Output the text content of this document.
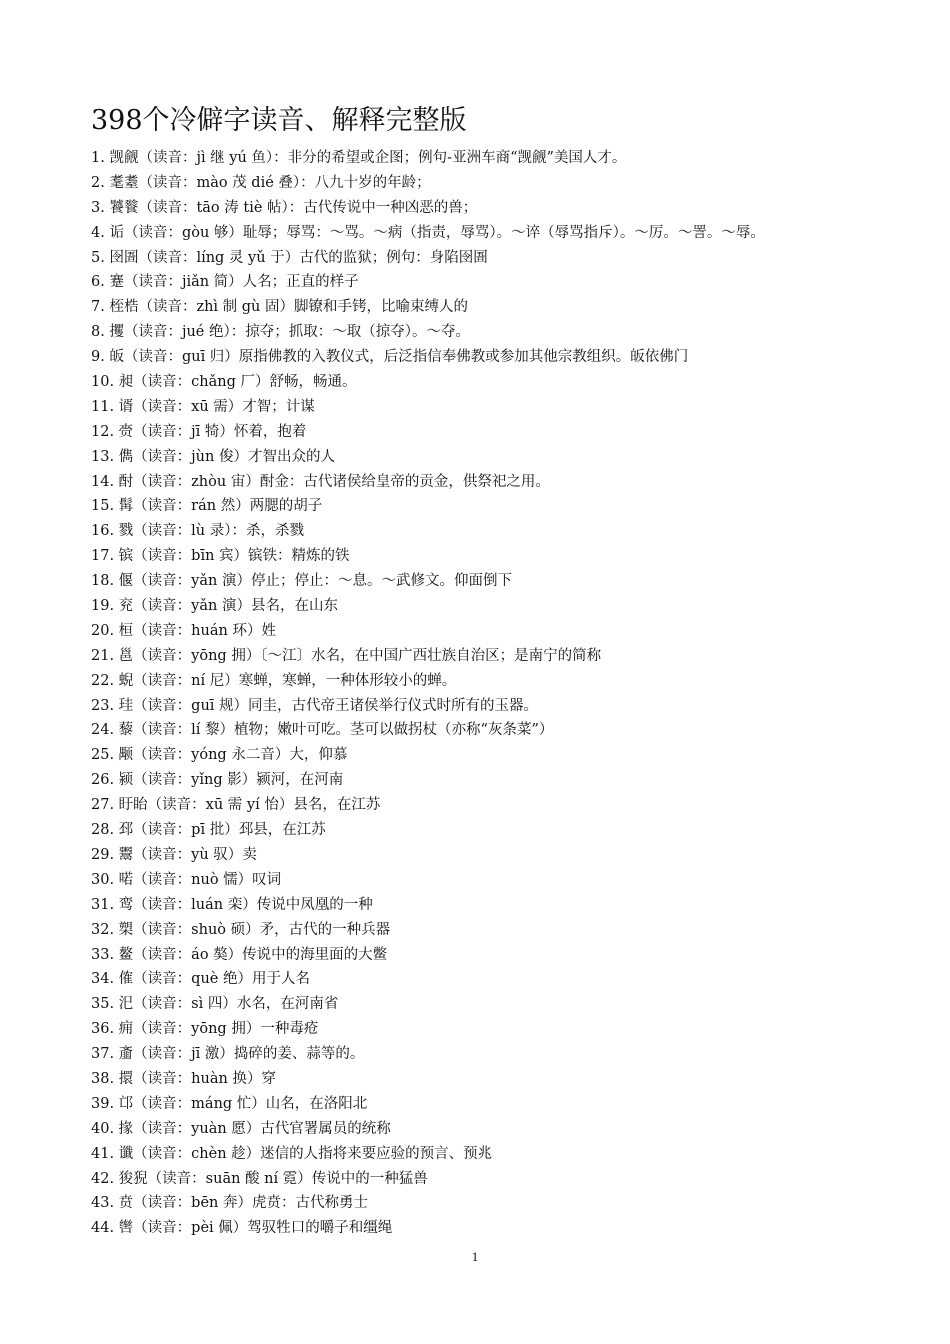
398个冷僻字读音、解释完整版
1. 觊觎（读音：jì 继 yú 鱼）：非分的希望或企图；例句-亚洲车商“觊觎”美国人才。
2. 耄耋（读音：mào 茂 dié 叠）：八九十岁的年龄；
3. 饕餮（读音：tāo 涛 tiè 帖）：古代传说中一种凶恶的兽；
4. 诟（读音：gòu 够）耻辱；辱骂：～骂。～病（指责，辱骂）。～谇（辱骂指斥）。～厉。～詈。～辱。
5. 囹圄（读音：líng 灵 yǔ 于）古代的监狱；例句：身陷囹圄
6. 蹇（读音：jiǎn 简）人名；正直的样子
7. 桎梏（读音：zhì 制 gù 固）脚镣和手铐，比喻束缚人的
8. 攫（读音：jué 绝）：掠夺；抓取：～取（掠夺）。～夺。
9. 皈（读音：guī 归）原指佛教的入教仪式，后泛指信奉佛教或参加其他宗教组织。皈依佛门
10. 昶（读音：chǎng 厂）舒畅，畅通。
11. 谞（读音：xū 需）才智；计谋
12. 赍（读音：jī 犄）怀着，抱着
13. 儁（读音：jùn 俊）才智出众的人
14. 酎（读音：zhòu 宙）酎金：古代诸侯给皇帝的贡金，供祭祀之用。
15. 髯（读音：rán 然）两腮的胡子
16. 戮（读音：lù 录）：杀，杀戮
17. 镔（读音：bīn 宾）镔铁：精炼的铁
18. 偃（读音：yǎn 演）停止；停止：～息。～武修文。仰面倒下
19. 兖（读音：yǎn 演）县名，在山东
20. 桓（读音：huán 环）姓
21. 邕（读音：yōng 拥）〔～江〕水名，在中国广西壮族自治区；是南宁的简称
22. 蜺（读音：ní 尼）寒蝉，寒蝉，一种体形较小的蝉。
23. 珪（读音：guī 规）同圭，古代帝王诸侯举行仪式时所有的玉器。
24. 藜（读音：lí 黎）植物；嫩叶可吃。茎可以做拐杖（亦称“灰条菜”）
25. 颙（读音：yóng 永二音）大，仰慕
26. 颍（读音：yǐng 影）颍河，在河南
27. 盱眙（读音：xū 需 yí 怡）县名，在江苏
28. 邳（读音：pī 批）邳县，在江苏
29. 鬻（读音：yù 驭）卖
30. 喏（读音：nuò 懦）叹词
31. 鸾（读音：luán 栾）传说中凤凰的一种
32. 槊（读音：shuò 硕）矛，古代的一种兵器
33. 鳌（读音：áo 獒）传说中的海里面的大鳖
34. 傕（读音：què 绝）用于人名
35. 汜（读音：sì 四）水名，在河南省
36. 痈（读音：yōng 拥）一种毒疮
37. 齑（读音：jī 激）捣碎的姜、蒜等的。
38. 擐（读音：huàn 换）穿
39. 邙（读音：máng 忙）山名，在洛阳北
40. 掾（读音：yuàn 愿）古代官署属员的统称
41. 谶（读音：chèn 趁）迷信的人指将来要应验的预言、预兆
42. 狻猊（读音：suān 酸 ní 霓）传说中的一种猛兽
43. 贲（读音：bēn 奔）虎贲：古代称勇士
44. 辔（读音：pèi 佩）驾驭牲口的嚼子和缰绳
1
